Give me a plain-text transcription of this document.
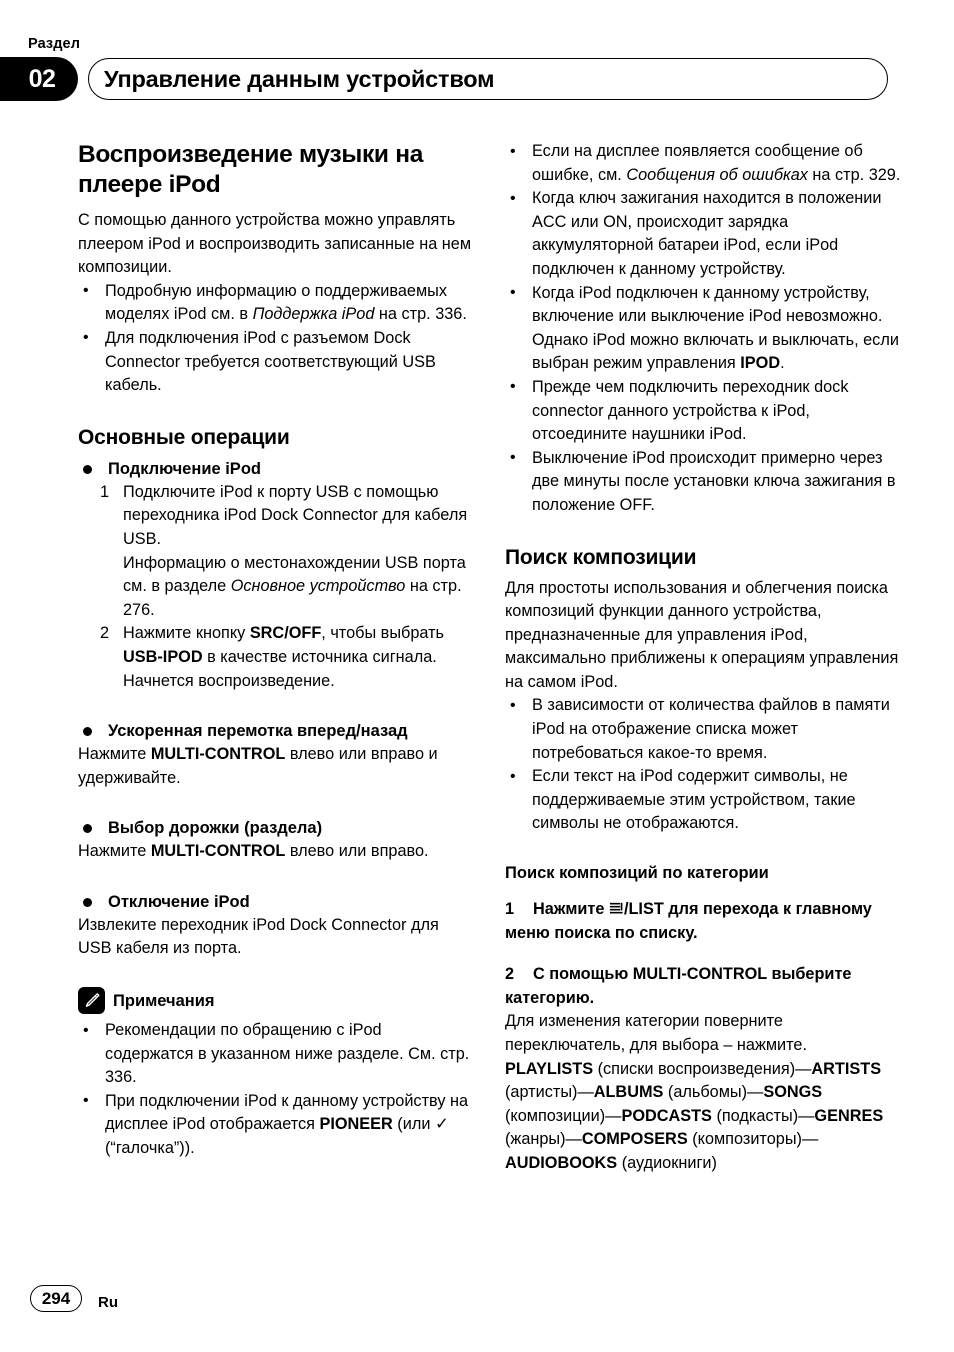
Раздел
02	Управление данным устройством
Воспроизведение музыки на плеере iPod

С помощью данного устройства можно управлять плеером iPod и воспроизводить записанные на нем композиции.

• Подробную информацию о поддерживаемых моделях iPod см. в Поддержка iPod на стр. 336.
• Для подключения iPod с разъемом Dock Connector требуется соответствующий USB кабель.
Основные операции
Подключение iPod
1 Подключите iPod к порту USB с помощью переходника iPod Dock Connector для кабеля USB.
Информацию о местонахождении USB порта см. в разделе Основное устройство на стр. 276.
2 Нажмите кнопку SRC/OFF, чтобы выбрать USB-IPOD в качестве источника сигнала. Начнется воспроизведение.
Ускоренная перемотка вперед/назад

Нажмите MULTI-CONTROL влево или вправо и удерживайте.

Выбор дорожки (раздела)

Нажмите MULTI-CONTROL влево или вправо.

Отключение iPod

Извлеките переходник iPod Dock Connector для USB кабеля из порта.

Примечания
• Рекомендации по обращению с iPod содержатся в указанном ниже разделе. См. стр. 336.
• При подключении iPod к данному устройству на дисплее iPod отображается PIONEER (или ✓ (“галочка”)).
• Если на дисплее появляется сообщение об ошибке, см. Сообщения об ошибках на стр. 329.
• Когда ключ зажигания находится в положении ACC или ON, происходит зарядка аккумуляторной батареи iPod, если iPod подключен к данному устройству.
• Когда iPod подключен к данному устройству, включение или выключение iPod невозможно. Однако iPod можно включать и выключать, если выбран режим управления IPOD.
• Прежде чем подключить переходник dock connector данного устройства к iPod, отсоедините наушники iPod.
• Выключение iPod происходит примерно через две минуты после установки ключа зажигания в положение OFF.
Поиск композиции

Для простоты использования и облегчения поиска композиций функции данного устройства, предназначенные для управления iPod, максимально приближены к операциям управления на самом iPod.

• В зависимости от количества файлов в памяти iPod на отображение списка может потребоваться какое-то время.
• Если текст на iPod содержит символы, не поддерживаемые этим устройством, такие символы не отображаются.
Поиск композиций по категории
1 Нажмите /LIST для перехода к главному меню поиска по списку.
2 С помощью MULTI-CONTROL выберите категорию.

Для изменения категории поверните переключатель, для выбора – нажмите.

PLAYLISTS (списки воспроизведения)—ARTISTS (артисты)—ALBUMS (альбомы)—SONGS (композиции)—PODCASTS (подкасты)—GENRES (жанры)—COMPOSERS (композиторы)—AUDIOBOOKS (аудиокниги)

294	Ru
